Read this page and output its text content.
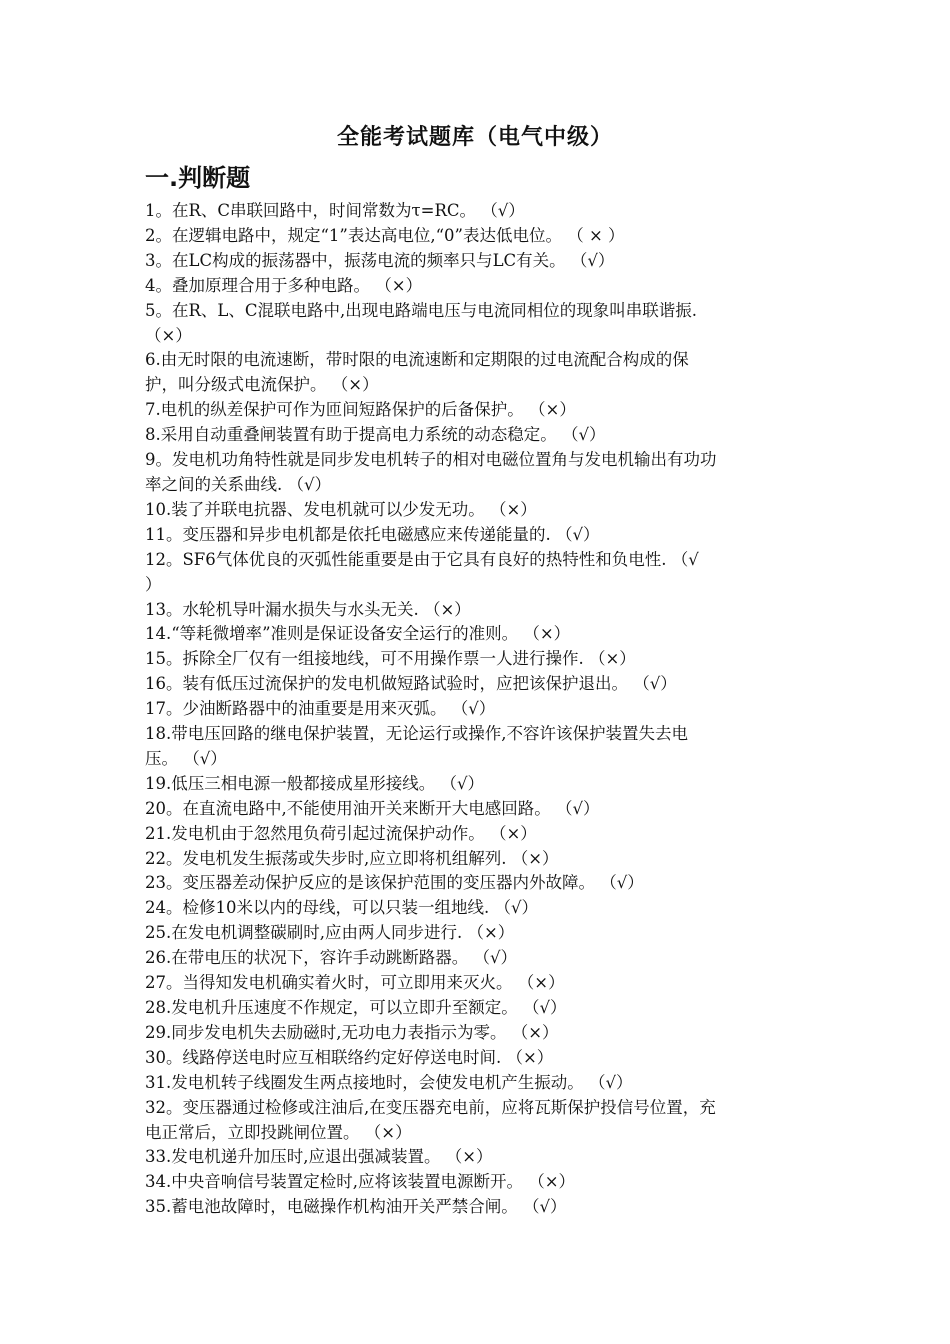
全能考试题库（电气中级）
一.判断题
1。在R、C串联回路中，时间常数为τ=RC。 （√）
2。在逻辑电路中，规定“1”表达高电位,“0”表达低电位。 （ × ）
3。在LC构成的振荡器中，振荡电流的频率只与LC有关。 （√）
4。叠加原理合用于多种电路。 （×）
5。在R、L、C混联电路中,出现电路端电压与电流同相位的现象叫串联谐振.
（×）
6.由无时限的电流速断，带时限的电流速断和定期限的过电流配合构成的保
护，叫分级式电流保护。 （×）
7.电机的纵差保护可作为匝间短路保护的后备保护。 （×）
8.采用自动重叠闸装置有助于提高电力系统的动态稳定。 （√）
9。发电机功角特性就是同步发电机转子的相对电磁位置角与发电机输出有功功
率之间的关系曲线. （√）
10.装了并联电抗器、发电机就可以少发无功。 （×）
11。变压器和异步电机都是依托电磁感应来传递能量的. （√）
12。SF6气体优良的灭弧性能重要是由于它具有良好的热特性和负电性. （√
）
13。水轮机导叶漏水损失与水头无关. （×）
14.“等耗微增率”准则是保证设备安全运行的准则。 （×）
15。拆除全厂仅有一组接地线，可不用操作票一人进行操作. （×）
16。装有低压过流保护的发电机做短路试验时，应把该保护退出。 （√）
17。少油断路器中的油重要是用来灭弧。 （√）
18.带电压回路的继电保护装置，无论运行或操作,不容许该保护装置失去电
压。 （√）
19.低压三相电源一般都接成星形接线。 （√）
20。在直流电路中,不能使用油开关来断开大电感回路。 （√）
21.发电机由于忽然甩负荷引起过流保护动作。 （×）
22。发电机发生振荡或失步时,应立即将机组解列. （×）
23。变压器差动保护反应的是该保护范围的变压器内外故障。 （√）
24。检修10米以内的母线，可以只装一组地线. （√）
25.在发电机调整碳刷时,应由两人同步进行. （×）
26.在带电压的状况下，容许手动跳断路器。 （√）
27。当得知发电机确实着火时，可立即用来灭火。 （×）
28.发电机升压速度不作规定，可以立即升至额定。 （√）
29.同步发电机失去励磁时,无功电力表指示为零。 （×）
30。线路停送电时应互相联络约定好停送电时间. （×）
31.发电机转子线圈发生两点接地时，会使发电机产生振动。 （√）
32。变压器通过检修或注油后,在变压器充电前，应将瓦斯保护投信号位置，充
电正常后，立即投跳闸位置。 （×）
33.发电机递升加压时,应退出强减装置。 （×）
34.中央音响信号装置定检时,应将该装置电源断开。 （×）
35.蓄电池故障时，电磁操作机构油开关严禁合闸。 （√）
